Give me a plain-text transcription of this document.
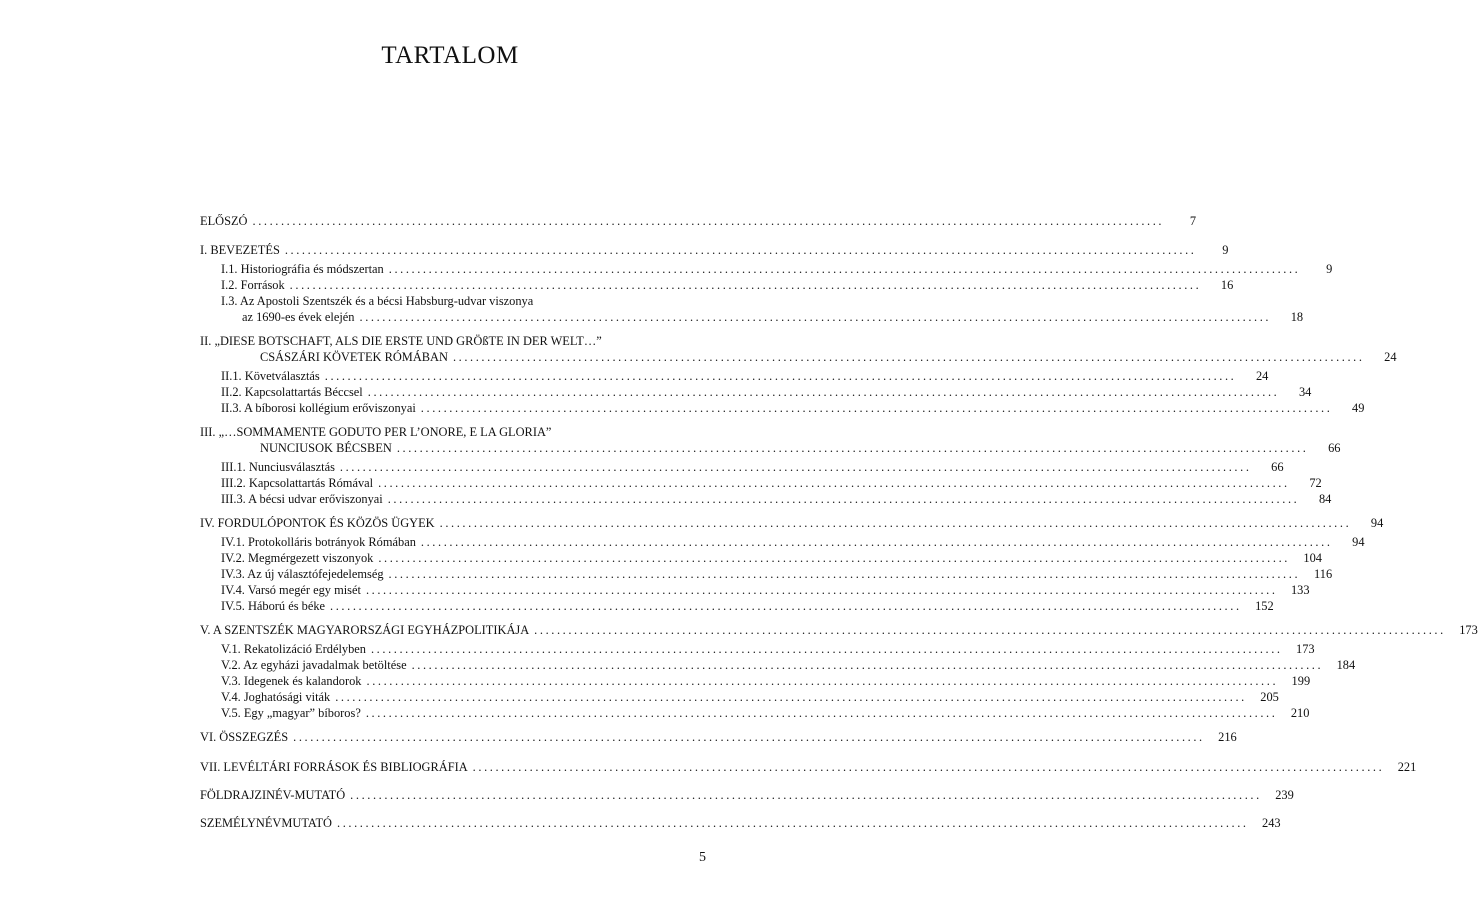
TARTALOM
ELŐSZÓ ................................................................................................................................................................	7
I. BEVEZETÉS ................................................................................................................................................................	9
I.1. Historiográfia és módszertan ................................................................................................................................................................	9
I.2. Források ................................................................................................................................................................	16
I.3. Az Apostoli Szentszék és a bécsi Habsburg-udvar viszonya
az 1690-es évek elején ................................................................................................................................................................	18
II. „DIESE BOTSCHAFT, ALS DIE ERSTE UND GRÖßTE IN DER WELT…”
CSÁSZÁRI KÖVETEK RÓMÁBAN ................................................................................................................................................................	24
II.1. Követválasztás ................................................................................................................................................................	24
II.2. Kapcsolattartás Béccsel ................................................................................................................................................................	34
II.3. A bíborosi kollégium erőviszonyai ................................................................................................................................................................	49
III. „…SOMMAMENTE GODUTO PER L’ONORE, E LA GLORIA”
NUNCIUSOK BÉCSBEN ................................................................................................................................................................	66
III.1. Nunciusválasztás ................................................................................................................................................................	66
III.2. Kapcsolattartás Rómával ................................................................................................................................................................	72
III.3. A bécsi udvar erőviszonyai ................................................................................................................................................................	84
IV. FORDULÓPONTOK ÉS KÖZÖS ÜGYEK ................................................................................................................................................................	94
IV.1. Protokolláris botrányok Rómában ................................................................................................................................................................	94
IV.2. Megmérgezett viszonyok ................................................................................................................................................................	104
IV.3. Az új választófejedelemség ................................................................................................................................................................	116
IV.4. Varsó megér egy misét ................................................................................................................................................................	133
IV.5. Háború és béke ................................................................................................................................................................	152
V. A SZENTSZÉK MAGYARORSZÁGI EGYHÁZPOLITIKÁJA ................................................................................................................................................................	173
V.1. Rekatolizáció Erdélyben ................................................................................................................................................................	173
V.2. Az egyházi javadalmak betöltése ................................................................................................................................................................	184
V.3. Idegenek és kalandorok ................................................................................................................................................................	199
V.4. Joghatósági viták ................................................................................................................................................................	205
V.5. Egy „magyar” bíboros? ................................................................................................................................................................	210
VI. ÖSSZEGZÉS ................................................................................................................................................................	216
VII. LEVÉLTÁRI FORRÁSOK ÉS BIBLIOGRÁFIA ................................................................................................................................................................	221
FÖLDRAJZINÉV-MUTATÓ ................................................................................................................................................................	239
SZEMÉLYNÉVMUTATÓ ................................................................................................................................................................	243
5
